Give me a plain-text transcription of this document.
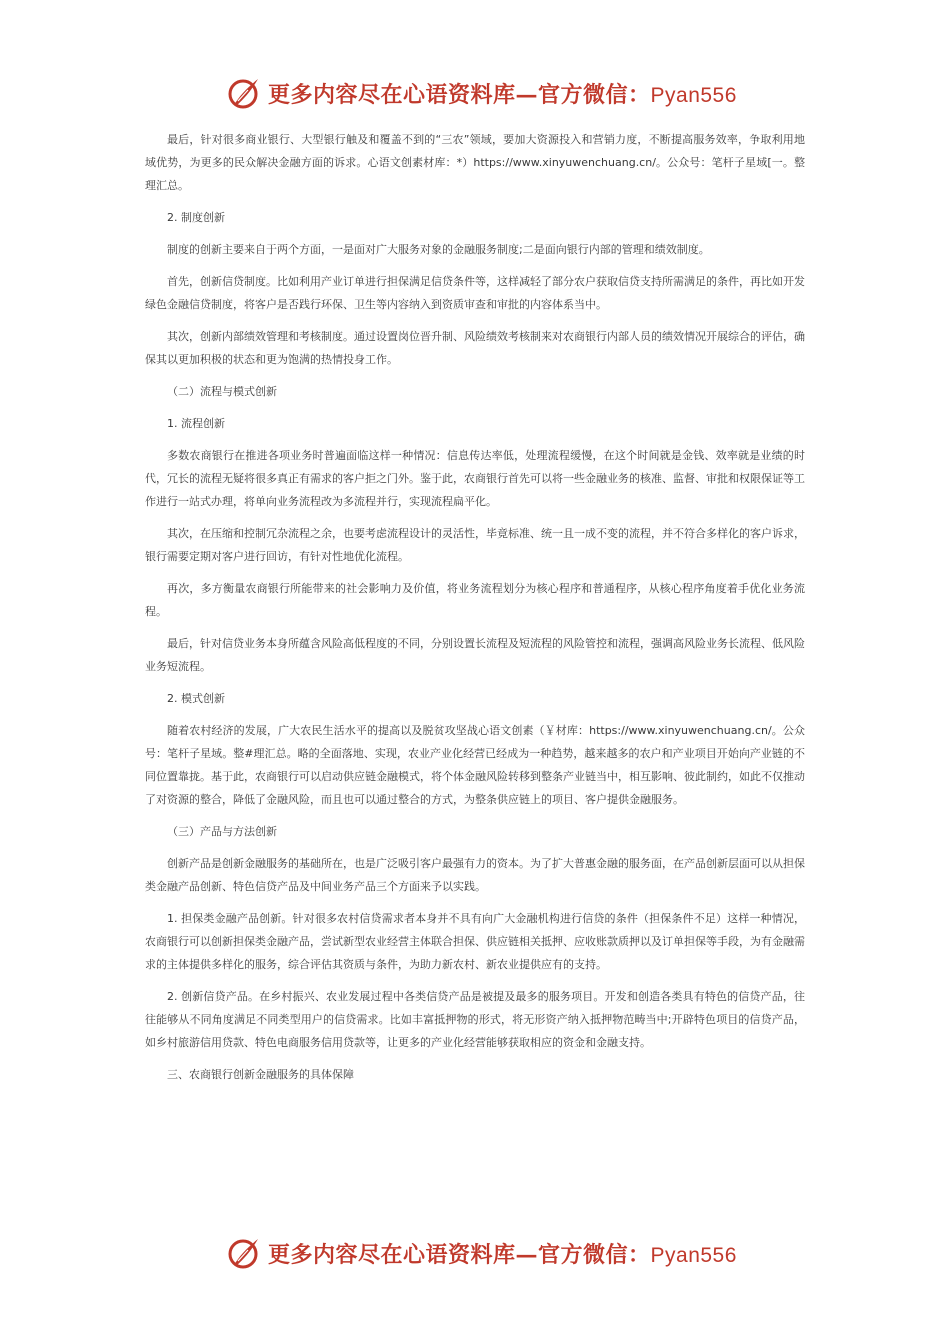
更多内容尽在心语资料库—官方微信：Pyan556

最后，针对很多商业银行、大型银行触及和覆盖不到的“三农”领域，要加大资源投入和营销力度，不断提高服务效率，争取利用地域优势，为更多的民众解决金融方面的诉求。心语文创素材库：*）https://www.xinyuwenchuang.cn/。公众号：笔杆子星域[一。整理汇总。

2. 制度创新

制度的创新主要来自于两个方面，一是面对广大服务对象的金融服务制度;二是面向银行内部的管理和绩效制度。

首先，创新信贷制度。比如利用产业订单进行担保满足信贷条件等，这样减轻了部分农户获取信贷支持所需满足的条件，再比如开发绿色金融信贷制度，将客户是否践行环保、卫生等内容纳入到资质审查和审批的内容体系当中。

其次，创新内部绩效管理和考核制度。通过设置岗位晋升制、风险绩效考核制来对农商银行内部人员的绩效情况开展综合的评估，确保其以更加积极的状态和更为饱满的热情投身工作。

（二）流程与模式创新

1. 流程创新

多数农商银行在推进各项业务时普遍面临这样一种情况：信息传达率低，处理流程缓慢，在这个时间就是金钱、效率就是业绩的时代，冗长的流程无疑将很多真正有需求的客户拒之门外。鉴于此，农商银行首先可以将一些金融业务的核准、监督、审批和权限保证等工作进行一站式办理，将单向业务流程改为多流程并行，实现流程扁平化。

其次，在压缩和控制冗杂流程之余，也要考虑流程设计的灵活性，毕竟标准、统一且一成不变的流程，并不符合多样化的客户诉求，银行需要定期对客户进行回访，有针对性地优化流程。

再次，多方衡量农商银行所能带来的社会影响力及价值，将业务流程划分为核心程序和普通程序，从核心程序角度着手优化业务流程。

最后，针对信贷业务本身所蕴含风险高低程度的不同，分别设置长流程及短流程的风险管控和流程，强调高风险业务长流程、低风险业务短流程。

2. 模式创新

随着农村经济的发展，广大农民生活水平的提高以及脱贫攻坚战心语文创素（￥材库：https://www.xinyuwenchuang.cn/。公众号：笔杆子星域。整#理汇总。略的全面落地、实现，农业产业化经营已经成为一种趋势，越来越多的农户和产业项目开始向产业链的不同位置靠拢。基于此，农商银行可以启动供应链金融模式，将个体金融风险转移到整条产业链当中，相互影响、彼此制约，如此不仅推动了对资源的整合，降低了金融风险，而且也可以通过整合的方式，为整条供应链上的项目、客户提供金融服务。

（三）产品与方法创新

创新产品是创新金融服务的基础所在，也是广泛吸引客户最强有力的资本。为了扩大普惠金融的服务面，在产品创新层面可以从担保类金融产品创新、特色信贷产品及中间业务产品三个方面来予以实践。

1. 担保类金融产品创新。针对很多农村信贷需求者本身并不具有向广大金融机构进行信贷的条件（担保条件不足）这样一种情况，农商银行可以创新担保类金融产品，尝试新型农业经营主体联合担保、供应链相关抵押、应收账款质押以及订单担保等手段，为有金融需求的主体提供多样化的服务，综合评估其资质与条件，为助力新农村、新农业提供应有的支持。

2. 创新信贷产品。在乡村振兴、农业发展过程中各类信贷产品是被提及最多的服务项目。开发和创造各类具有特色的信贷产品，往往能够从不同角度满足不同类型用户的信贷需求。比如丰富抵押物的形式，将无形资产纳入抵押物范畴当中;开辟特色项目的信贷产品，如乡村旅游信用贷款、特色电商服务信用贷款等，让更多的产业化经营能够获取相应的资金和金融支持。

三、农商银行创新金融服务的具体保障

更多内容尽在心语资料库—官方微信：Pyan556
